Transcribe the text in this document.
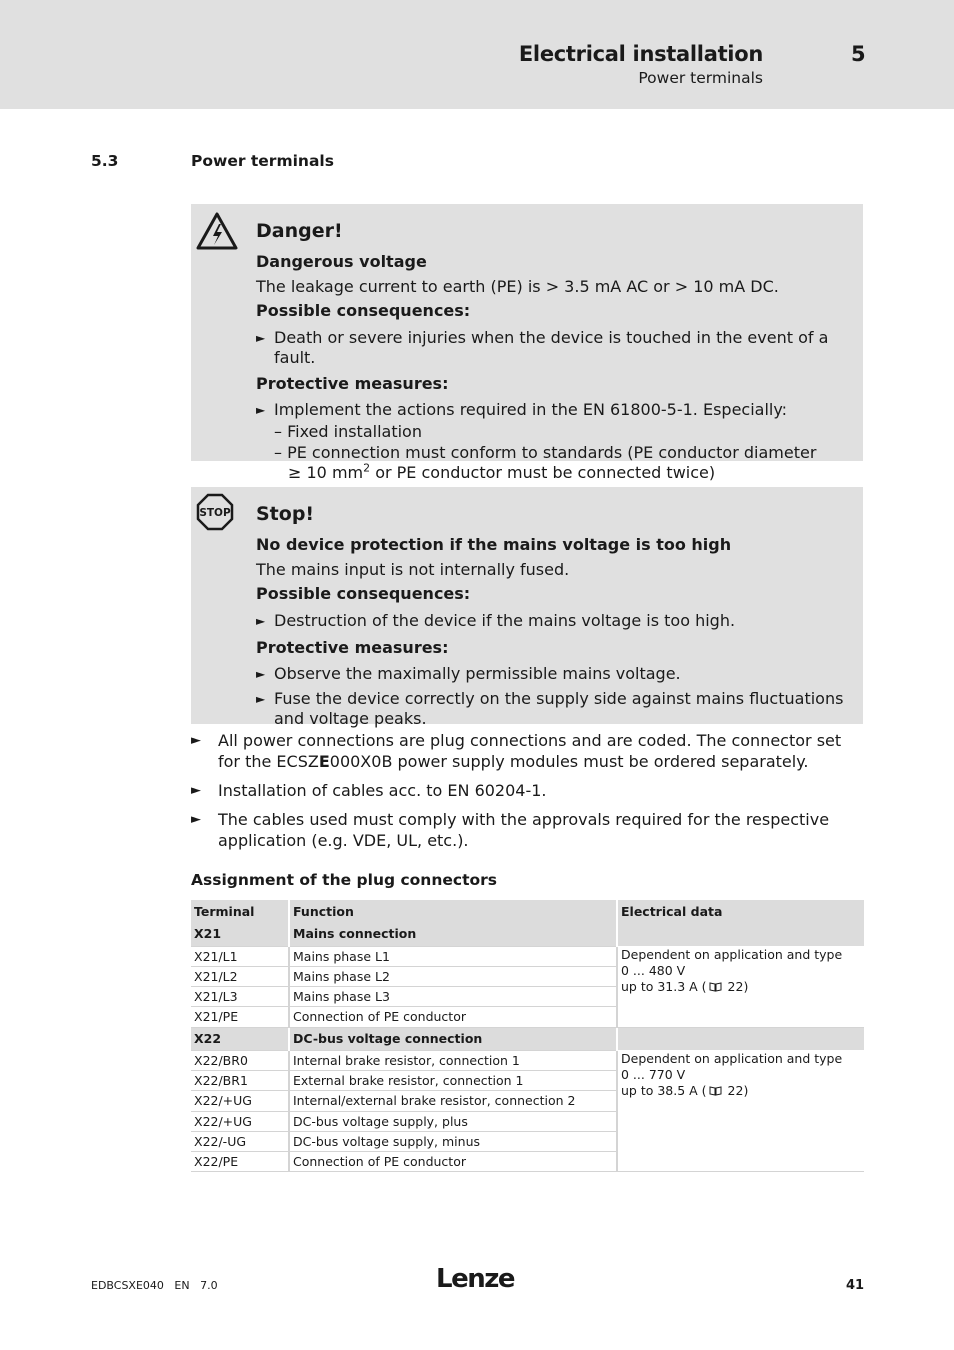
Electrical installation
Power terminals
5
5.3	Power terminals
Danger!
Dangerous voltage
The leakage current to earth (PE) is > 3.5 mA AC or > 10 mA DC.
Possible consequences:
► Death or severe injuries when the device is touched in the event of a fault.
Protective measures:
► Implement the actions required in the EN 61800-5-1. Especially:
– Fixed installation
– PE connection must conform to standards (PE conductor diameter
≥ 10 $mm^2$ or PE conductor must be connected twice)
STOP Stop!
No device protection if the mains voltage is too high
The mains input is not internally fused.
Possible consequences:
► Destruction of the device if the mains voltage is too high.
Protective measures:
► Observe the maximally permissible mains voltage.
► Fuse the device correctly on the supply side against mains fluctuations and voltage peaks.
►	All power connections are plug connections and are coded. The connector set for the ECSZE000X0B power supply modules must be ordered separately.
►	Installation of cables acc. to EN 60204-1.
►	The cables used must comply with the approvals required for the respective application (e.g. VDE, UL, etc.).
Assignment of the plug connectors
Terminal	Function	Electrical data
X21	Mains connection	
X21/L1	Mains phase L1	Dependent on application and type
0 ... 480 V
up to 31.3 A ( 22)

X21/L2	Mains phase L2	
X21/L3	Mains phase L3	
X21/PE	Connection of PE conductor	
X22	DC-bus voltage connection	
X22/BR0	Internal brake resistor, connection 1	Dependent on application and type
0 ... 770 V
up to 38.5 A ( 22)

X22/BR1	External brake resistor, connection 1	
X22/+UG	Internal/external brake resistor, connection 2	
X22/+UG	DC-bus voltage supply, plus	
X22/-UG	DC-bus voltage supply, minus	
X22/PE	Connection of PE conductor	
EDBCSXE040   EN   7.0	Lenze	41
